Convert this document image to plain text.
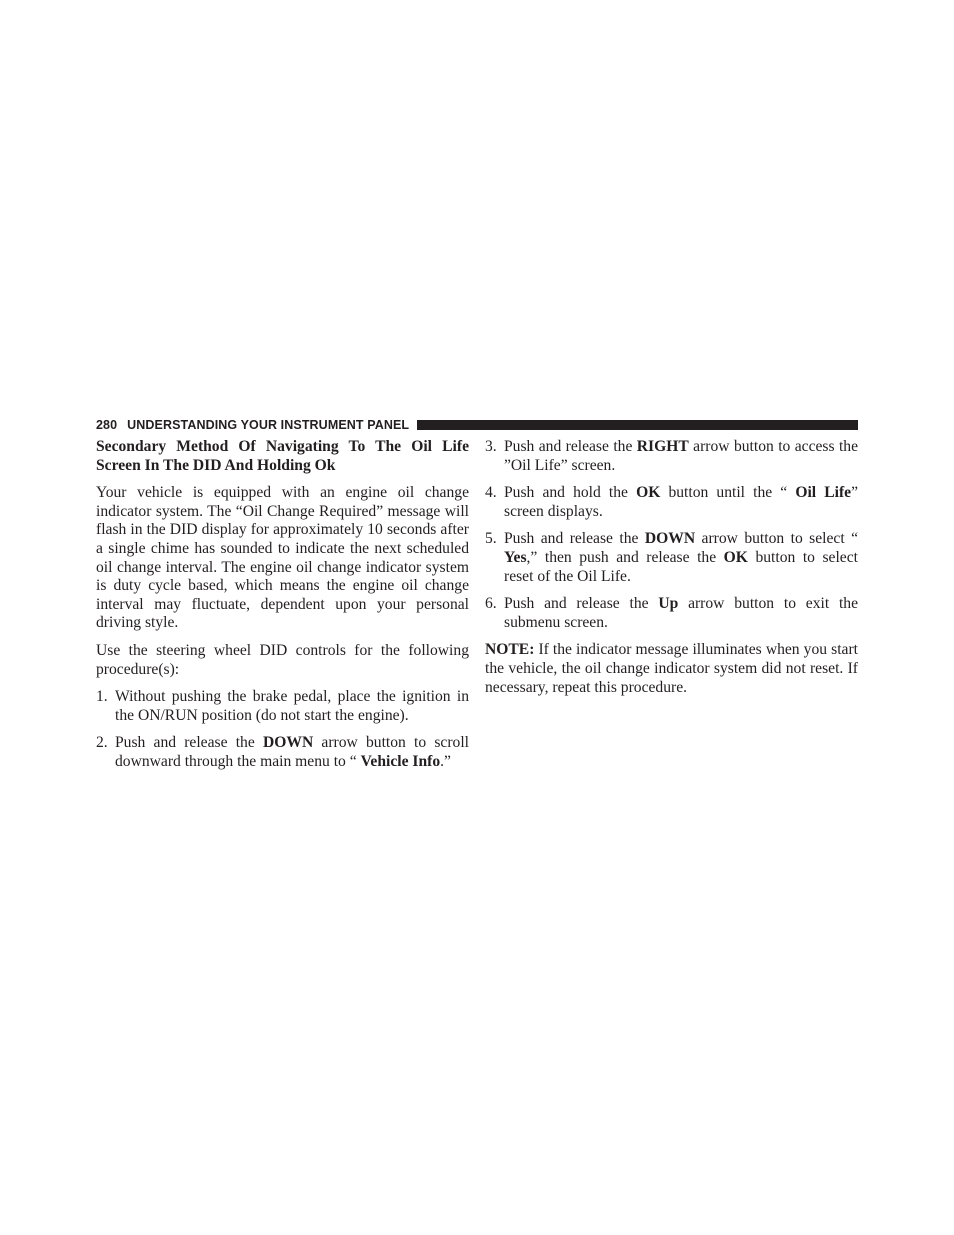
280 UNDERSTANDING YOUR INSTRUMENT PANEL

Secondary Method Of Navigating To The Oil Life Screen In The DID And Holding Ok

Your vehicle is equipped with an engine oil change indicator system. The “Oil Change Required” message will flash in the DID display for approximately 10 seconds after a single chime has sounded to indicate the next scheduled oil change interval. The engine oil change indicator system is duty cycle based, which means the engine oil change interval may fluctuate, dependent upon your personal driving style.

Use the steering wheel DID controls for the following procedure(s):

1. Without pushing the brake pedal, place the ignition in the ON/RUN position (do not start the engine).
2. Push and release the DOWN arrow button to scroll downward through the main menu to “ Vehicle Info.”
3. Push and release the RIGHT arrow button to access the ”Oil Life” screen.
4. Push and hold the OK button until the “ Oil Life” screen displays.
5. Push and release the DOWN arrow button to select “ Yes,” then push and release the OK button to select reset of the Oil Life.
6. Push and release the Up arrow button to exit the submenu screen.

NOTE: If the indicator message illuminates when you start the vehicle, the oil change indicator system did not reset. If necessary, repeat this procedure.
